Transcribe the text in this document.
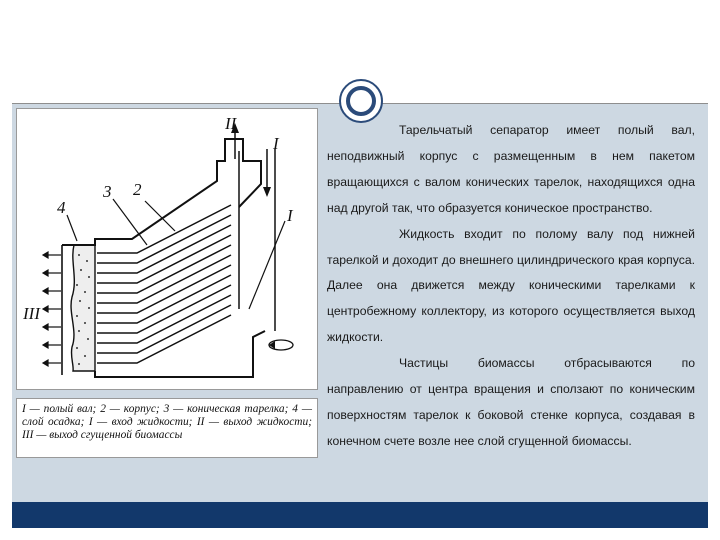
II
I
I
2
3
4
III
I — полый вал; 2 — корпус; 3 — коническая тарелка; 4 — слой осадка; I — вход жидкости; II — выход жидкости; III — выход сгущенной биомассы

Тарельчатый сепаратор имеет полый вал, неподвижный корпус с размещенным в нем пакетом вращающихся с валом конических тарелок, находящихся одна над другой так, что образуется коническое пространство.

Жидкость входит по полому валу под нижней тарелкой и доходит до внешнего цилиндрического края корпуса. Далее она движется между коническими тарелками к центробежному коллектору, из которого осуществляется выход жидкости.

Частицы биомассы отбрасываются по направлению от центра вращения и сползают по коническим поверхностям тарелок к боковой стенке корпуса, создавая в конечном счете возле нее слой сгущенной биомассы.
